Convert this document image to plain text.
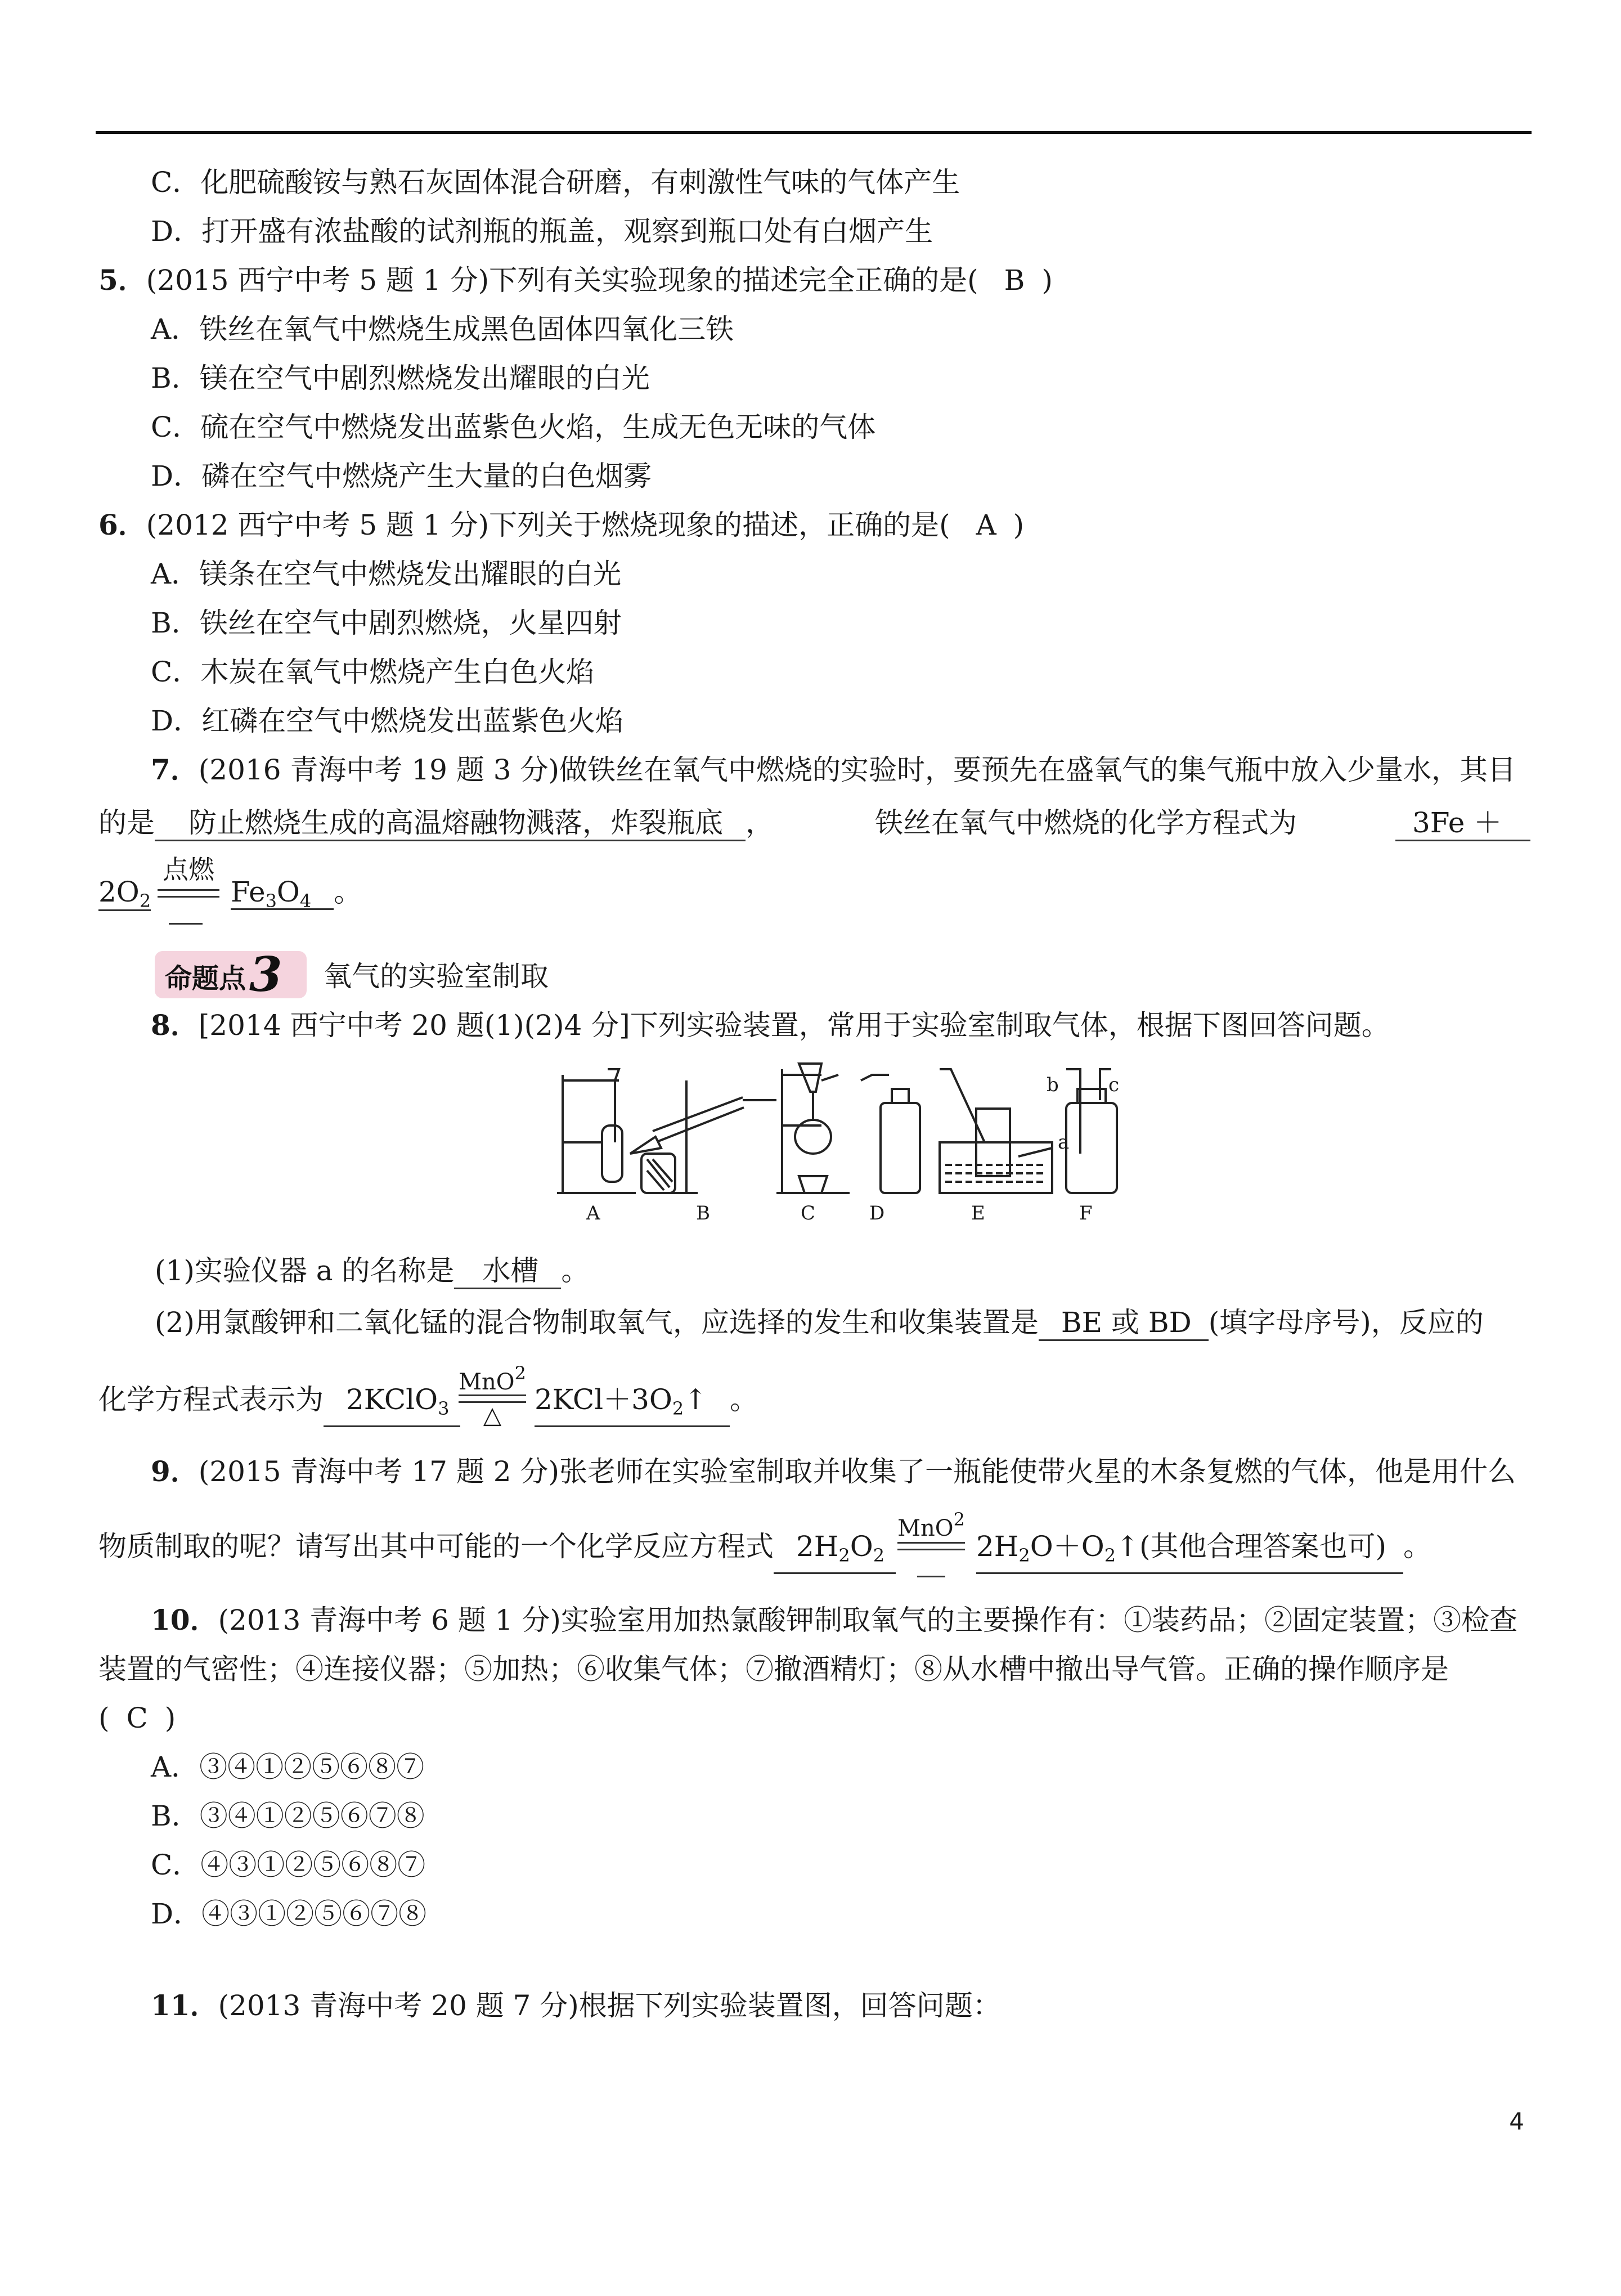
C．化肥硫酸铵与熟石灰固体混合研磨，有刺激性气味的气体产生
D．打开盛有浓盐酸的试剂瓶的瓶盖，观察到瓶口处有白烟产生
5．(2015 西宁中考 5 题 1 分)下列有关实验现象的描述完全正确的是( B )
A．铁丝在氧气中燃烧生成黑色固体四氧化三铁
B．镁在空气中剧烈燃烧发出耀眼的白光
C．硫在空气中燃烧发出蓝紫色火焰，生成无色无味的气体
D．磷在空气中燃烧产生大量的白色烟雾
6．(2012 西宁中考 5 题 1 分)下列关于燃烧现象的描述，正确的是( A )
A．镁条在空气中燃烧发出耀眼的白光
B．铁丝在空气中剧烈燃烧，火星四射
C．木炭在氧气中燃烧产生白色火焰
D．红磷在空气中燃烧发出蓝紫色火焰
7．(2016 青海中考 19 题 3 分)做铁丝在氧气中燃烧的实验时，要预先在盛氧气的集气瓶中放入少量水，其目
的是 防止燃烧生成的高温熔融物溅落，炸裂瓶底 ，	铁丝在氧气中燃烧的化学方程式为	3Fe ＋
$2O_2$
点燃
$Fe_3O_4$ 。
命题点3	氧气的实验室制取
8．[2014 西宁中考 20 题(1)(2)4 分]下列实验装置，常用于实验室制取气体，根据下图回答问题。
A	B	C	D	E	F
a
b	c
(1)实验仪器 a 的名称是 水槽 。
(2)用氯酸钾和二氧化锰的混合物制取氧气，应选择的发生和收集装置是 BE 或 BD (填字母序号)，反应的
化学方程式表示为 2KClO$_3$
MnO$^2$
△	$2KCl+3O_2↑$ 。
9．(2015 青海中考 17 题 2 分)张老师在实验室制取并收集了一瓶能使带火星的木条复燃的气体，他是用什么
物质制取的呢？请写出其中可能的一个化学反应方程式 $2H_2O_2$
MnO$^2$
$2H_2O+O_2↑$(其他合理答案也可) 。
10．(2013 青海中考 6 题 1 分)实验室用加热氯酸钾制取氧气的主要操作有：①装药品；②固定装置；③检查
装置的气密性；④连接仪器；⑤加热；⑥收集气体；⑦撤酒精灯；⑧从水槽中撤出导气管。正确的操作顺序是
( C )
A．③④①②⑤⑥⑧⑦
B．③④①②⑤⑥⑦⑧
C．④③①②⑤⑥⑧⑦
D．④③①②⑤⑥⑦⑧
11．(2013 青海中考 20 题 7 分)根据下列实验装置图，回答问题：
4
